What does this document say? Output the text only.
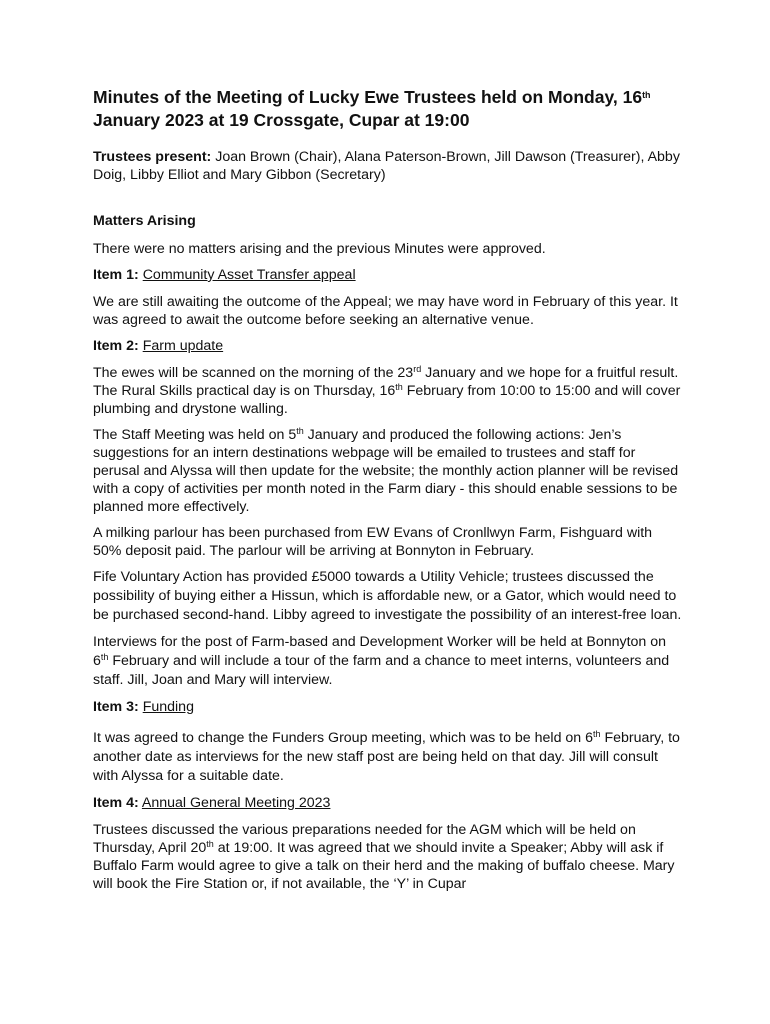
Minutes of the Meeting of Lucky Ewe Trustees held on Monday, 16th January 2023 at 19 Crossgate, Cupar at 19:00

Trustees present: Joan Brown (Chair), Alana Paterson-Brown, Jill Dawson (Treasurer), Abby Doig, Libby Elliot and Mary Gibbon (Secretary)

Matters Arising

There were no matters arising and the previous Minutes were approved.

Item 1: Community Asset Transfer appeal

We are still awaiting the outcome of the Appeal; we may have word in February of this year. It was agreed to await the outcome before seeking an alternative venue.

Item 2: Farm update

The ewes will be scanned on the morning of the 23rd January and we hope for a fruitful result. The Rural Skills practical day is on Thursday, 16th February from 10:00 to 15:00 and will cover plumbing and drystone walling.

The Staff Meeting was held on 5th January and produced the following actions: Jen’s suggestions for an intern destinations webpage will be emailed to trustees and staff for perusal and Alyssa will then update for the website; the monthly action planner will be revised with a copy of activities per month noted in the Farm diary - this should enable sessions to be planned more effectively.

A milking parlour has been purchased from EW Evans of Cronllwyn Farm, Fishguard with 50% deposit paid. The parlour will be arriving at Bonnyton in February.

Fife Voluntary Action has provided £5000 towards a Utility Vehicle; trustees discussed the possibility of buying either a Hissun, which is affordable new, or a Gator, which would need to be purchased second-hand. Libby agreed to investigate the possibility of an interest-free loan.

Interviews for the post of Farm-based and Development Worker will be held at Bonnyton on 6th February and will include a tour of the farm and a chance to meet interns, volunteers and staff. Jill, Joan and Mary will interview.

Item 3: Funding

It was agreed to change the Funders Group meeting, which was to be held on 6th February, to another date as interviews for the new staff post are being held on that day. Jill will consult with Alyssa for a suitable date.

Item 4: Annual General Meeting 2023

Trustees discussed the various preparations needed for the AGM which will be held on Thursday, April 20th at 19:00. It was agreed that we should invite a Speaker; Abby will ask if Buffalo Farm would agree to give a talk on their herd and the making of buffalo cheese. Mary will book the Fire Station or, if not available, the ‘Y’ in Cupar
